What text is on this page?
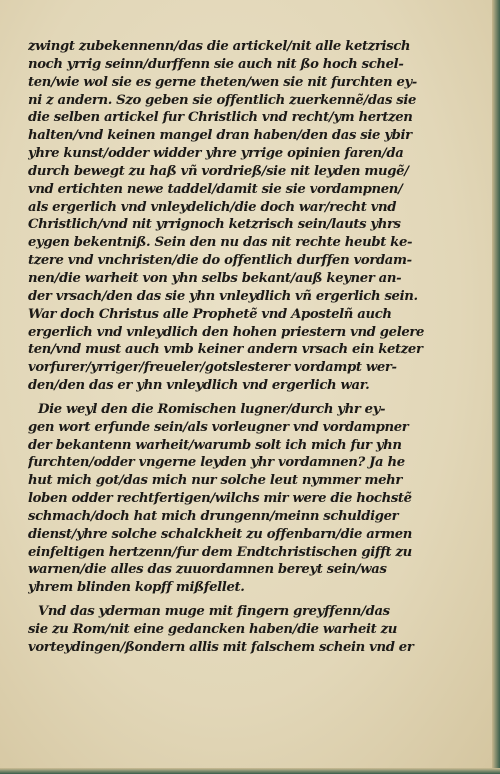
zwingt zubekennenn/das die artickel/nit alle ketzrisch
noch yrrig seinn/durffenn sie auch nit ßo hoch schel-
ten/wie wol sie es gerne theten/wen sie nit furchten ey-
ni z andern. Szo geben sie offentlich zuerkennẽ/das sie
die selben artickel fur Christlich vnd recht/ym hertzen
halten/vnd keinen mangel dran haben/den das sie ybir
yhre kunst/odder widder yhre yrrige opinien faren/da
durch bewegt zu haß vñ vordrieß/sie nit leyden mugẽ/
vnd ertichten newe taddel/damit sie sie vordampnen/
als ergerlich vnd vnleydelich/die doch war/recht vnd
Christlich/vnd nit yrrignoch ketzrisch sein/lauts yhrs
eygen bekentniß. Sein den nu das nit rechte heubt ke-
tzere vnd vnchristen/die do offentlich durffen vordam-
nen/die warheit von yhn selbs bekant/auß keyner an-
der vrsach/den das sie yhn vnleydlich vñ ergerlich sein.
War doch Christus alle Prophetẽ vnd Apostelñ auch
ergerlich vnd vnleydlich den hohen priestern vnd gelere
ten/vnd must auch vmb keiner andern vrsach ein ketzer
vorfurer/yrriger/freueler/gotslesterer vordampt wer-
den/den das er yhn vnleydlich vnd ergerlich war.
Die weyl den die Romischen lugner/durch yhr ey-
gen wort erfunde sein/als vorleugner vnd vordampner
der bekantenn warheit/warumb solt ich mich fur yhn
furchten/odder vngerne leyden yhr vordamnen? Ja he
hut mich got/das mich nur solche leut nymmer mehr
loben odder rechtfertigen/wilchs mir were die hochstẽ
schmach/doch hat mich drungenn/meinn schuldiger
dienst/yhre solche schalckheit zu offenbarn/die armen
einfeltigen hertzenn/fur dem Endtchristischen gifft zu
warnen/die alles das zuuordamnen bereyt sein/was
yhrem blinden kopff mißfellet.
Vnd das yderman muge mit fingern greyffenn/das
sie zu Rom/nit eine gedancken haben/die warheit zu
vorteydingen/ßondern allis mit falschem schein vnd er
